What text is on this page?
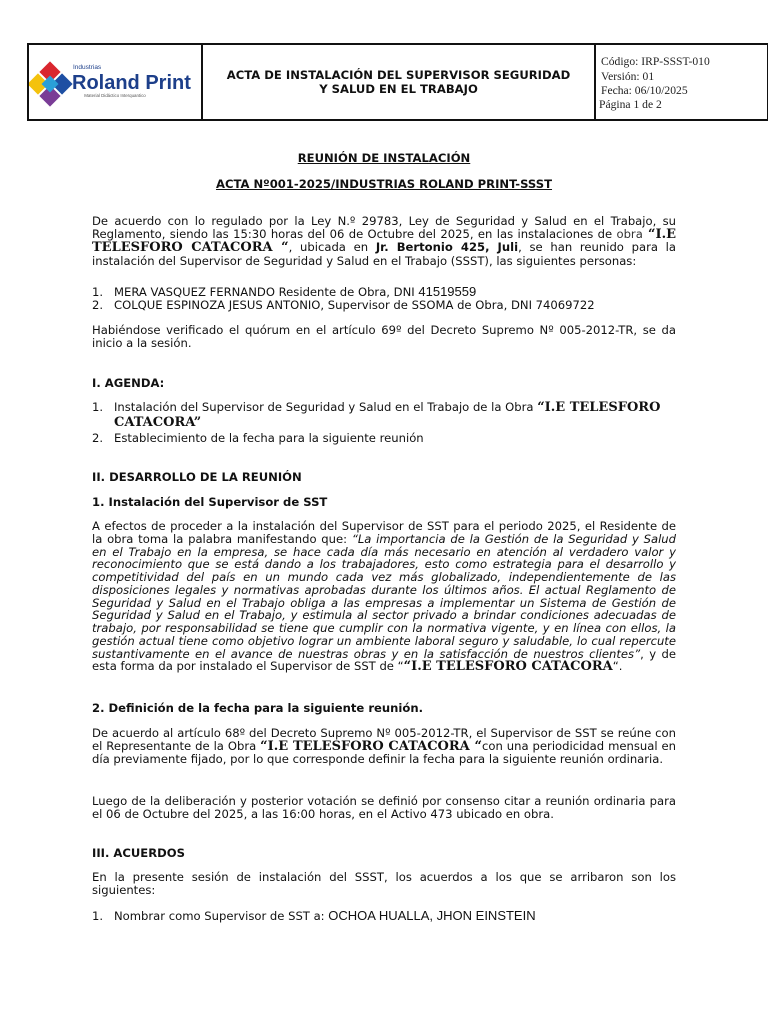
Industrias
Roland Print
Material Didáctico Interquantico
ACTA DE INSTALACIÓN DEL SUPERVISOR SEGURIDAD
Y SALUD EN EL TRABAJO
Código: IRP-SSST-010
Versión: 01
Fecha: 06/10/2025
Página 1 de 2
REUNIÓN DE INSTALACIÓN
ACTA Nº001-2025/INDUSTRIAS ROLAND PRINT-SSST

De acuerdo con lo regulado por la Ley N.º 29783, Ley de Seguridad y Salud en el Trabajo, su Reglamento, siendo las 15:30 horas del 06 de Octubre del 2025, en las instalaciones de obra “I.E TELESFORO CATACORA “, ubicada en Jr. Bertonio 425, Juli, se han reunido para la instalación del Supervisor de Seguridad y Salud en el Trabajo (SSST), las siguientes personas:

1. MERA VASQUEZ FERNANDO Residente de Obra, DNI 41519559
2. COLQUE ESPINOZA JESUS ANTONIO, Supervisor de SSOMA de Obra, DNI 74069722

Habiéndose verificado el quórum en el artículo 69º del Decreto Supremo Nº 005-2012-TR, se da inicio a la sesión.

I. AGENDA:
1. Instalación del Supervisor de Seguridad y Salud en el Trabajo de la Obra “I.E TELESFORO
CATACORA”
2. Establecimiento de la fecha para la siguiente reunión
II. DESARROLLO DE LA REUNIÓN
1. Instalación del Supervisor de SST

A efectos de proceder a la instalación del Supervisor de SST para el periodo 2025, el Residente de la obra toma la palabra manifestando que: “La importancia de la Gestión de la Seguridad y Salud en el Trabajo en la empresa, se hace cada día más necesario en atención al verdadero valor y reconocimiento que se está dando a los trabajadores, esto como estrategia para el desarrollo y competitividad del país en un mundo cada vez más globalizado, independientemente de las disposiciones legales y normativas aprobadas durante los últimos años. El actual Reglamento de Seguridad y Salud en el Trabajo obliga a las empresas a implementar un Sistema de Gestión de Seguridad y Salud en el Trabajo, y estimula al sector privado a brindar condiciones adecuadas de trabajo, por responsabilidad se tiene que cumplir con la normativa vigente, y en línea con ellos, la gestión actual tiene como objetivo lograr un ambiente laboral seguro y saludable, lo cual repercute sustantivamente en el avance de nuestras obras y en la satisfacción de nuestros clientes”, y de esta forma da por instalado el Supervisor de SST de ““I.E TELESFORO CATACORA“.

2. Definición de la fecha para la siguiente reunión.

De acuerdo al artículo 68º del Decreto Supremo Nº 005-2012-TR, el Supervisor de SST se reúne con el Representante de la Obra “I.E TELESFORO CATACORA “con una periodicidad mensual en día previamente fijado, por lo que corresponde definir la fecha para la siguiente reunión ordinaria.

Luego de la deliberación y posterior votación se definió por consenso citar a reunión ordinaria para el 06 de Octubre del 2025, a las 16:00 horas, en el Activo 473 ubicado en obra.

III. ACUERDOS

En la presente sesión de instalación del SSST, los acuerdos a los que se arribaron son los siguientes:

1. Nombrar como Supervisor de SST a: OCHOA HUALLA, JHON EINSTEIN
